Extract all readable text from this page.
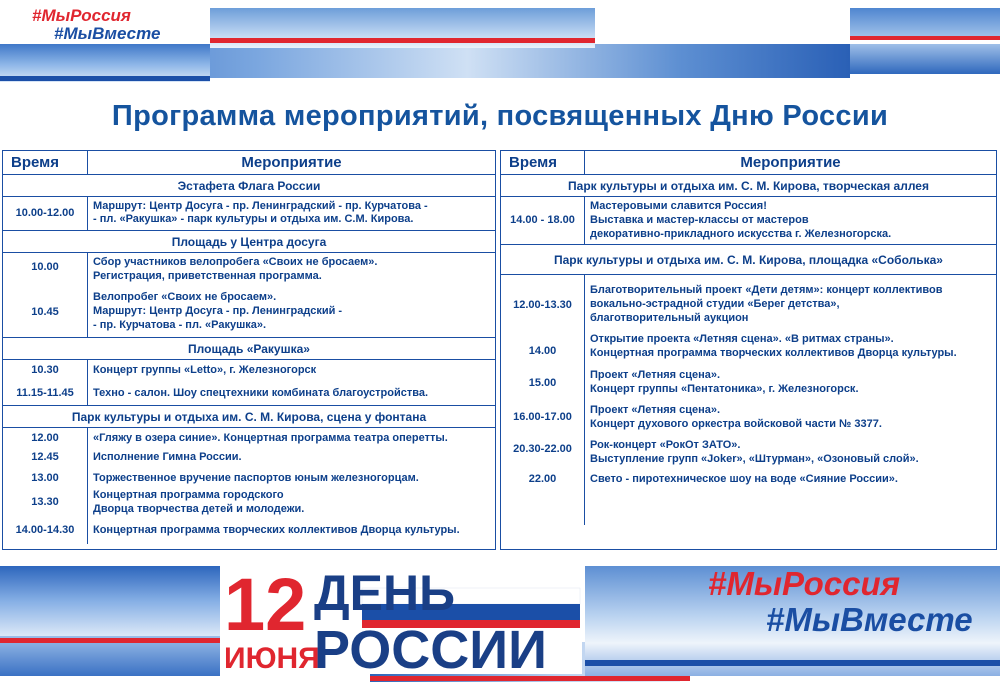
#МыРоссия
#МыВместе
Программа мероприятий, посвященных Дню России
Время	Мероприятие
Эстафета Флага России
10.00-12.00
Маршрут: Центр Досуга - пр. Ленинградский - пр. Курчатова -
- пл. «Ракушка» - парк культуры и отдыха им. С.М. Кирова.
Площадь у Центра досуга
10.00
10.45
Сбор участников велопробега «Своих не бросаем».
Регистрация, приветственная программа.
Велопробег «Своих не бросаем».
Маршрут: Центр Досуга - пр. Ленинградский -
- пр. Курчатова - пл. «Ракушка».
Площадь «Ракушка»
10.30
11.15-11.45
Концерт группы «Letto», г. Железногорск
Техно - салон. Шоу спецтехники комбината благоустройства.
Парк культуры и отдыха им. С. М. Кирова, сцена у фонтана
12.00
12.45
13.00
13.30
14.00-14.30
«Гляжу в озера синие». Концертная программа театра оперетты.
Исполнение Гимна России.
Торжественное вручение паспортов юным железногорцам.
Концертная программа городского
Дворца творчества детей и молодежи.
Концертная программа творческих коллективов Дворца культуры.
Время	Мероприятие
Парк культуры и отдыха им. С. М. Кирова, творческая аллея
14.00 - 18.00
Мастеровыми славится Россия!
Выставка и мастер-классы от мастеров
декоративно-прикладного искусства г. Железногорска.
Парк культуры и отдыха им. С. М. Кирова, площадка «Соболька»
12.00-13.30
14.00
15.00
16.00-17.00
20.30-22.00
22.00
Благотворительный проект «Дети детям»: концерт коллективов
вокально-эстрадной студии «Берег детства»,
благотворительный аукцион
Открытие проекта «Летняя сцена». «В ритмах страны».
Концертная программа творческих коллективов Дворца культуры.
Проект «Летняя сцена».
Концерт группы «Пентатоника», г. Железногорск.
Проект «Летняя сцена».
Концерт духового оркестра войсковой части № 3377.
Рок-концерт «РокОт ЗАТО».
Выступление групп «Joker», «Штурман», «Озоновый слой».
Свето - пиротехническое шоу на воде «Сияние России».
12
ИЮНЯ
ДЕНЬ
РОССИИ
#МыРоссия
#МыВместе
